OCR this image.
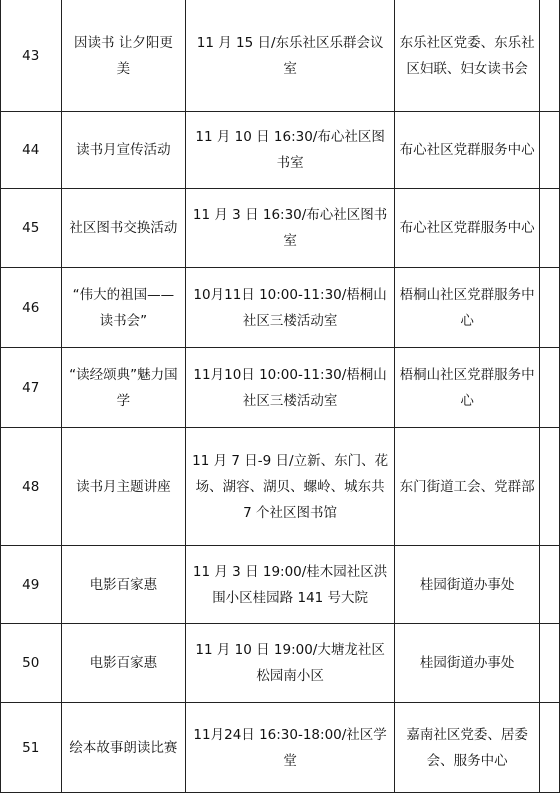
43	因读书 让夕阳更美	11 月 15 日/东乐社区乐群会议室	东乐社区党委、东乐社区妇联、妇女读书会	

44	读书月宣传活动	11 月 10 日 16:30/布心社区图书室	布心社区党群服务中心	

45	社区图书交换活动	11 月 3 日 16:30/布心社区图书室	布心社区党群服务中心	

46	“伟大的祖国——读书会”	10月11日 10:00-11:30/梧桐山社区三楼活动室	梧桐山社区党群服务中心	

47	“读经颂典”魅力国学	11月10日 10:00-11:30/梧桐山社区三楼活动室	梧桐山社区党群服务中心	

48	读书月主题讲座	11 月 7 日-9 日/立新、东门、花场、湖容、湖贝、螺岭、城东共 7 个社区图书馆	东门街道工会、党群部	

49	电影百家惠	11 月 3 日 19:00/桂木园社区洪围小区桂园路 141 号大院	桂园街道办事处	

50	电影百家惠	11 月 10 日 19:00/大塘龙社区松园南小区	桂园街道办事处	

51	绘本故事朗读比赛	11月24日 16:30-18:00/社区学堂	嘉南社区党委、居委会、服务中心	
